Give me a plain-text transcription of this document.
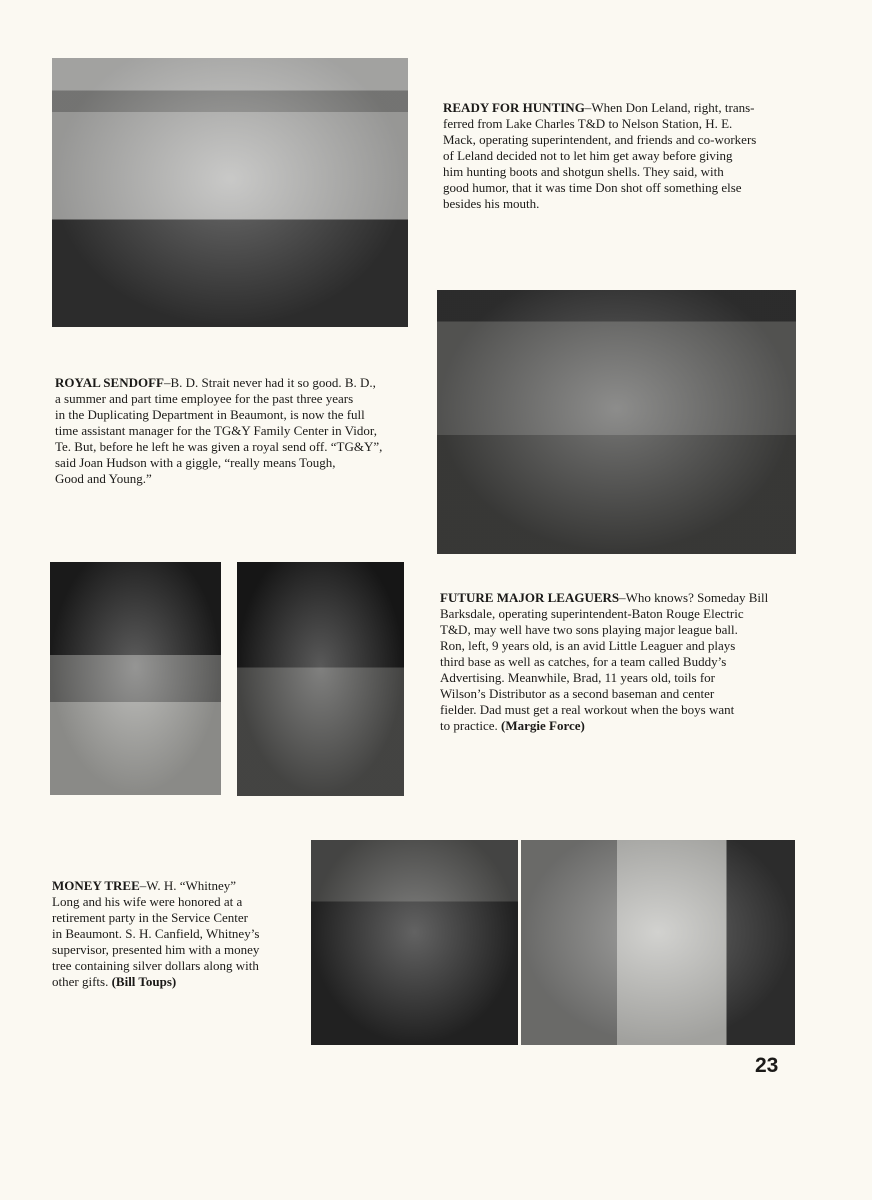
READY FOR HUNTING–When Don Leland, right, trans-
ferred from Lake Charles T&D to Nelson Station, H. E.
Mack, operating superintendent, and friends and co-workers
of Leland decided not to let him get away before giving
him hunting boots and shotgun shells. They said, with
good humor, that it was time Don shot off something else
besides his mouth.
ROYAL SENDOFF–B. D. Strait never had it so good. B. D.,
a summer and part time employee for the past three years
in the Duplicating Department in Beaumont, is now the full
time assistant manager for the TG&Y Family Center in Vidor,
Te. But, before he left he was given a royal send off. “TG&Y”,
said Joan Hudson with a giggle, “really means Tough,
Good and Young.”
FUTURE MAJOR LEAGUERS–Who knows? Someday Bill
Barksdale, operating superintendent-Baton Rouge Electric
T&D, may well have two sons playing major league ball.
Ron, left, 9 years old, is an avid Little Leaguer and plays
third base as well as catches, for a team called Buddy’s
Advertising. Meanwhile, Brad, 11 years old, toils for
Wilson’s Distributor as a second baseman and center
fielder. Dad must get a real workout when the boys want
to practice. (Margie Force)
MONEY TREE–W. H. “Whitney”
Long and his wife were honored at a
retirement party in the Service Center
in Beaumont. S. H. Canfield, Whitney’s
supervisor, presented him with a money
tree containing silver dollars along with
other gifts. (Bill Toups)
23
